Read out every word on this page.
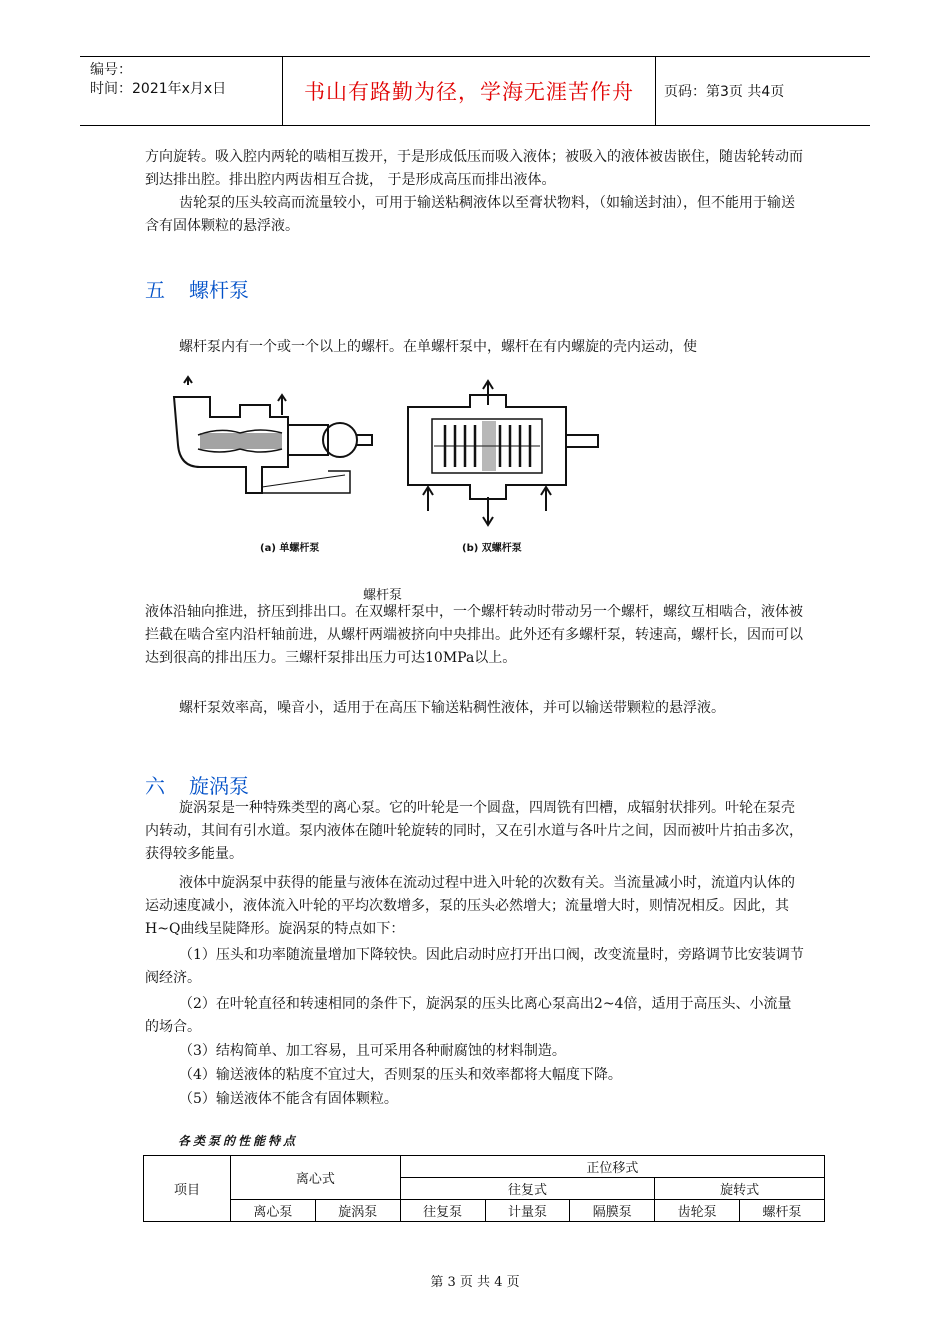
编号：
时间：2021年x月x日	书山有路勤为径，学海无涯苦作舟	页码：第3页 共4页

方向旋转。吸入腔内两轮的啮相互拨开，于是形成低压而吸入液体；被吸入的液体被齿嵌住，随齿轮转动而到达排出腔。排出腔内两齿相互合拢， 于是形成高压而排出液体。

齿轮泵的压头较高而流量较小，可用于输送粘稠液体以至膏状物料，（如输送封油），但不能用于输送含有固体颗粒的悬浮液。

五 螺杆泵

螺杆泵内有一个或一个以上的螺杆。在单螺杆泵中，螺杆在有内螺旋的壳内运动，使

液体沿轴向推进，挤压到排出口。在双螺杆泵中，一个螺杆转动时带动另一个螺杆，螺纹互相啮合，液体被拦截在啮合室内沿杆轴前进，从螺杆两端被挤向中央排出。此外还有多螺杆泵，转速高，螺杆长，因而可以达到很高的排出压力。三螺杆泵排出压力可达10MPa以上。

螺杆泵效率高，噪音小，适用于在高压下输送粘稠性液体，并可以输送带颗粒的悬浮液。

六 旋涡泵

旋涡泵是一种特殊类型的离心泵。它的叶轮是一个圆盘，四周铣有凹槽，成辐射状排列。叶轮在泵壳内转动，其间有引水道。泵内液体在随叶轮旋转的同时，又在引水道与各叶片之间，因而被叶片拍击多次，获得较多能量。

液体中旋涡泵中获得的能量与液体在流动过程中进入叶轮的次数有关。当流量减小时，流道内认体的运动速度减小，液体流入叶轮的平均次数增多，泵的压头必然增大；流量增大时，则情况相反。因此，其H~Q曲线呈陡降形。旋涡泵的特点如下：

（1）压头和功率随流量增加下降较快。因此启动时应打开出口阀，改变流量时，旁路调节比安装调节阀经济。

（2）在叶轮直径和转速相同的条件下，旋涡泵的压头比离心泵高出2~4倍，适用于高压头、小流量的场合。

（3）结构简单、加工容易，且可采用各种耐腐蚀的材料制造。

（4）输送液体的粘度不宜过大，否则泵的压头和效率都将大幅度下降。

（5）输送液体不能含有固体颗粒。

(a) 单螺杆泵	(b) 双螺杆泵
螺杆泵
各类泵的性能特点
项目	离心式		正位移式				
			往复式			旋转式	
	离心泵	旋涡泵	往复泵	计量泵	隔膜泵	齿轮泵	螺杆泵
第 3 页 共 4 页
